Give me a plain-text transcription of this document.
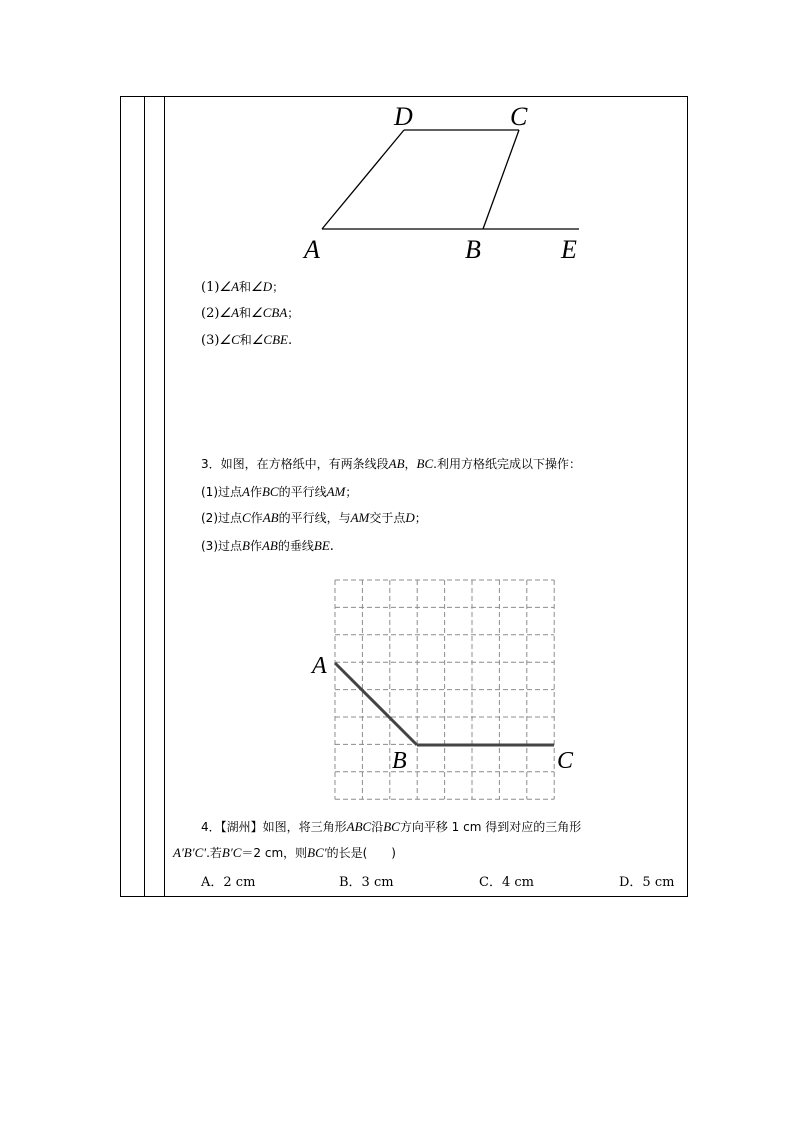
D	C
A	B	E
(1)∠A和∠D；
(2)∠A和∠CBA；
(3)∠C和∠CBE.
3．如图，在方格纸中，有两条线段AB，BC.利用方格纸完成以下操作：
(1)过点A作BC的平行线AM；
(2)过点C作AB的平行线，与AM交于点D；
(3)过点B作AB的垂线BE.
A
B	C
4．【湖州】如图，将三角形ABC沿BC方向平移 1 cm 得到对应的三角形
A′B′C′.若B′C＝2 cm，则BC′的长是(　　)
A．2 cm	B．3 cm	C．4 cm	D．5 cm
